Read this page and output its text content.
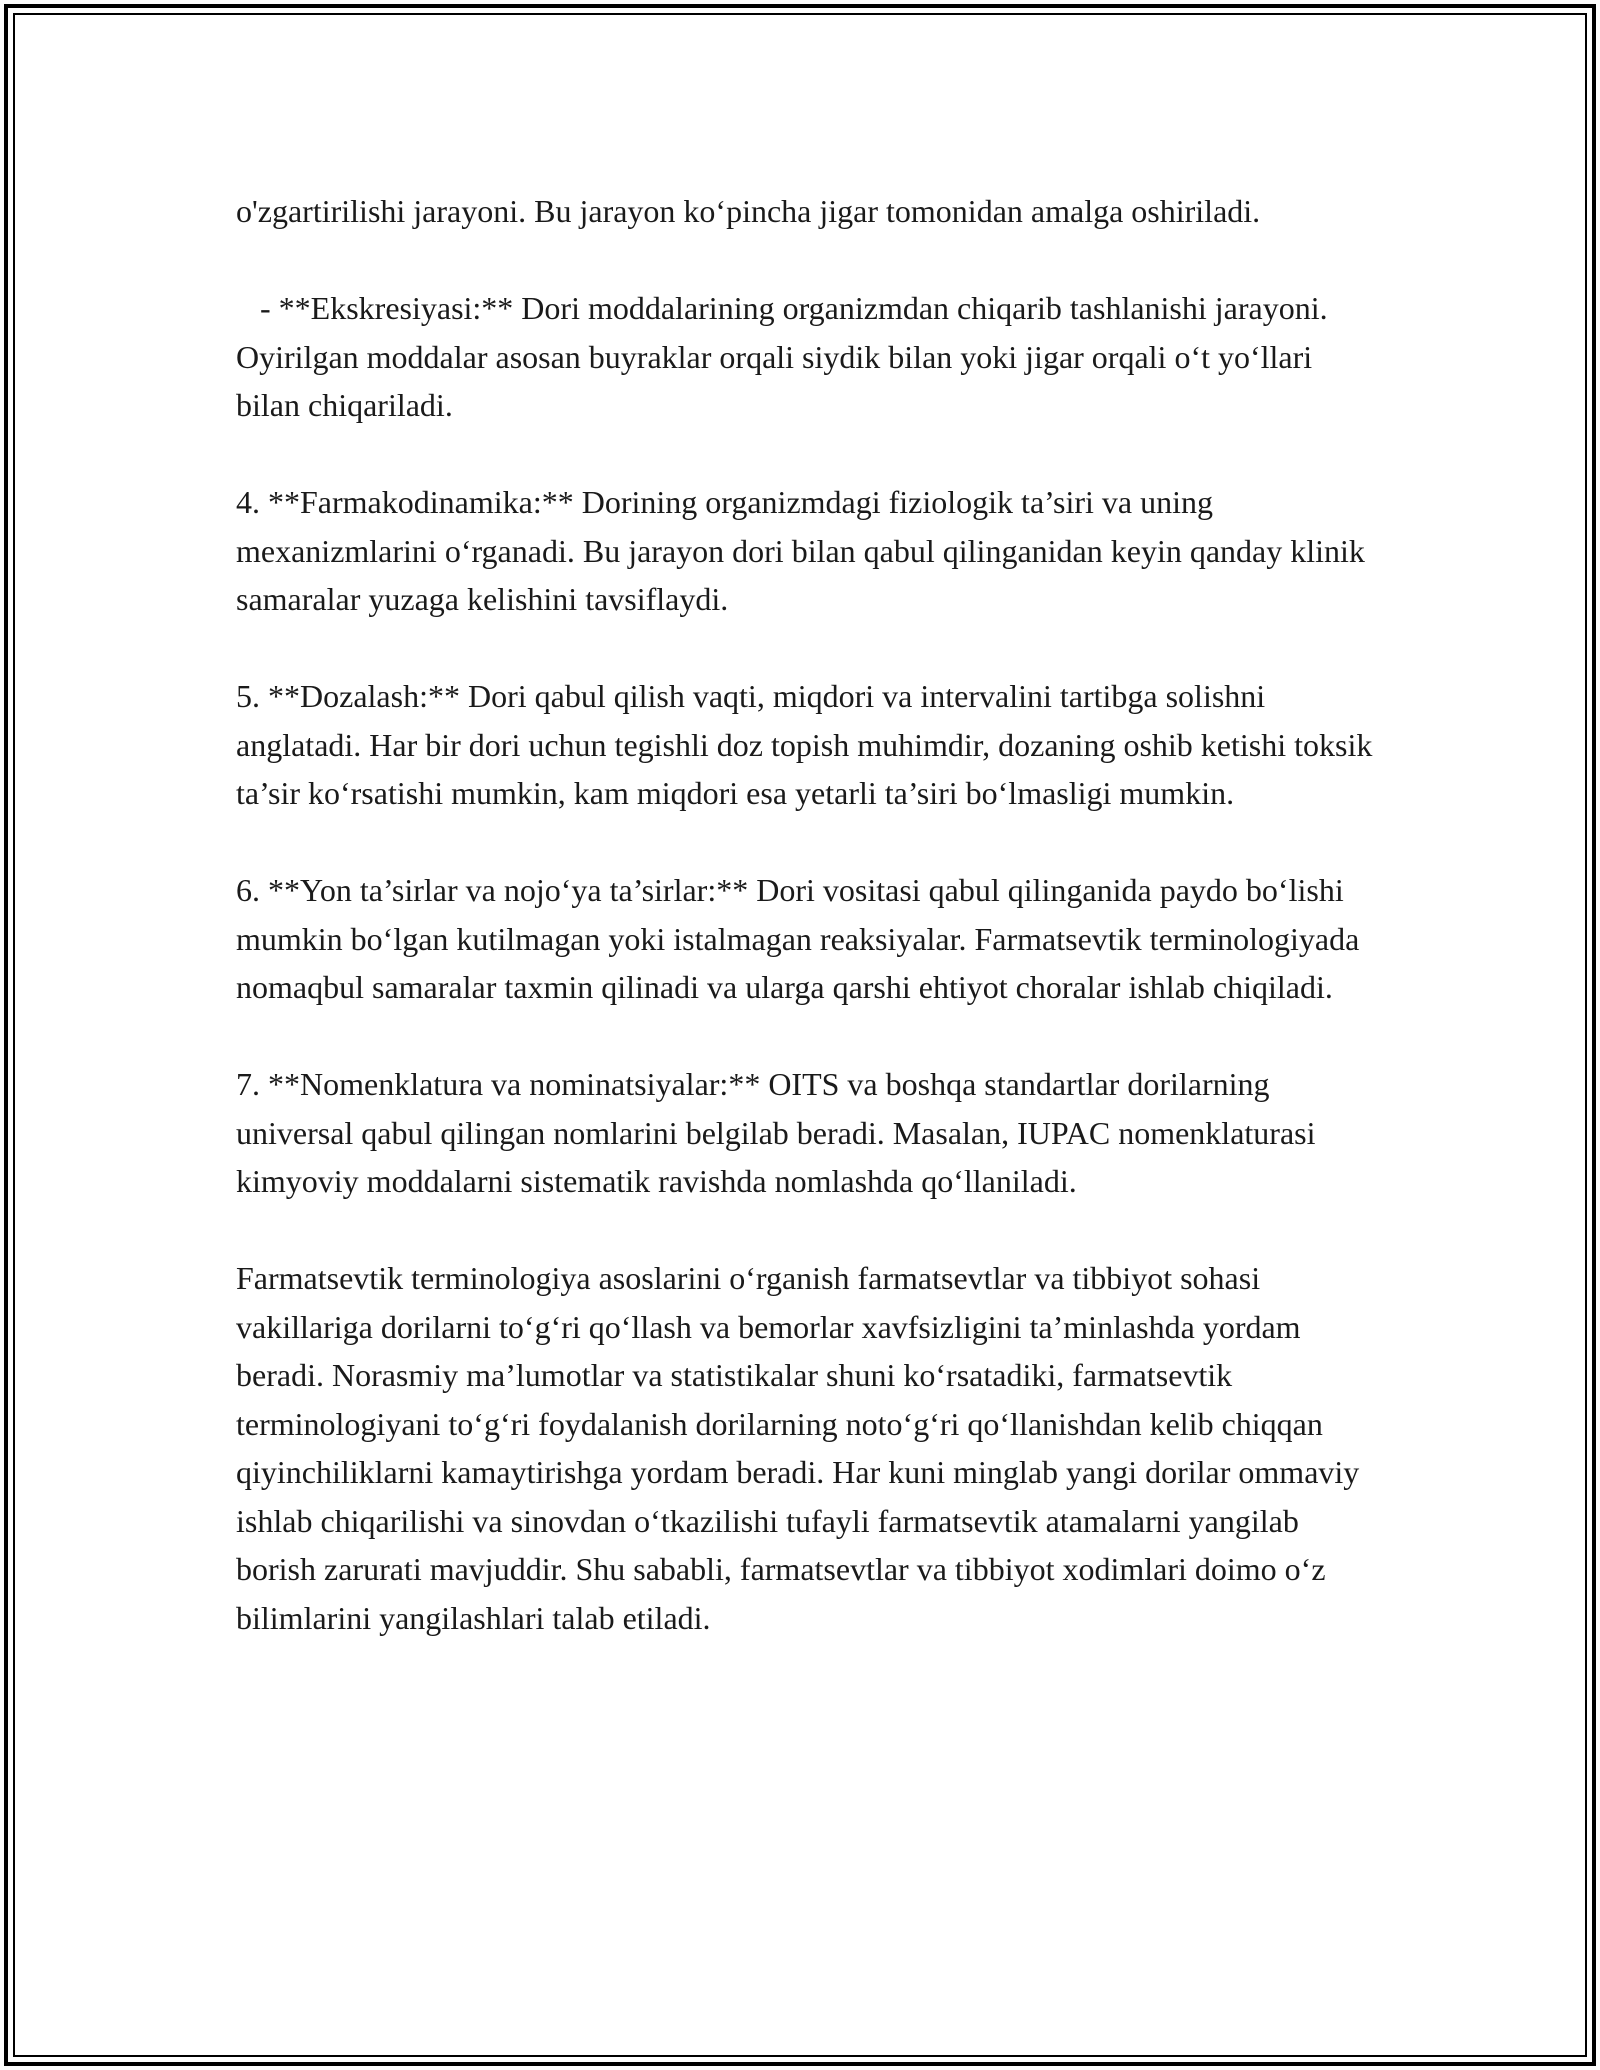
o'zgartirilishi jarayoni. Bu jarayon ko‘pincha jigar tomonidan amalga oshiriladi.

- **Ekskresiyasi:** Dori moddalarining organizmdan chiqarib tashlanishi jarayoni. Oyirilgan moddalar asosan buyraklar orqali siydik bilan yoki jigar orqali o‘t yo‘llari bilan chiqariladi.

4. **Farmakodinamika:** Dorining organizmdagi fiziologik ta’siri va uning mexanizmlarini o‘rganadi. Bu jarayon dori bilan qabul qilinganidan keyin qanday klinik samaralar yuzaga kelishini tavsiflaydi.

5. **Dozalash:** Dori qabul qilish vaqti, miqdori va intervalini tartibga solishni anglatadi. Har bir dori uchun tegishli doz topish muhimdir, dozaning oshib ketishi toksik ta’sir ko‘rsatishi mumkin, kam miqdori esa yetarli ta’siri bo‘lmasligi mumkin.

6. **Yon ta’sirlar va nojo‘ya ta’sirlar:** Dori vositasi qabul qilinganida paydo bo‘lishi mumkin bo‘lgan kutilmagan yoki istalmagan reaksiyalar. Farmatsevtik terminologiyada nomaqbul samaralar taxmin qilinadi va ularga qarshi ehtiyot choralar ishlab chiqiladi.

7. **Nomenklatura va nominatsiyalar:** OITS va boshqa standartlar dorilarning universal qabul qilingan nomlarini belgilab beradi. Masalan, IUPAC nomenklaturasi kimyoviy moddalarni sistematik ravishda nomlashda qo‘llaniladi.

Farmatsevtik terminologiya asoslarini o‘rganish farmatsevtlar va tibbiyot sohasi vakillariga dorilarni to‘g‘ri qo‘llash va bemorlar xavfsizligini ta’minlashda yordam beradi. Norasmiy ma’lumotlar va statistikalar shuni ko‘rsatadiki, farmatsevtik terminologiyani to‘g‘ri foydalanish dorilarning noto‘g‘ri qo‘llanishdan kelib chiqqan qiyinchiliklarni kamaytirishga yordam beradi. Har kuni minglab yangi dorilar ommaviy ishlab chiqarilishi va sinovdan o‘tkazilishi tufayli farmatsevtik atamalarni yangilab borish zarurati mavjuddir. Shu sababli, farmatsevtlar va tibbiyot xodimlari doimo o‘z bilimlarini yangilashlari talab etiladi.
